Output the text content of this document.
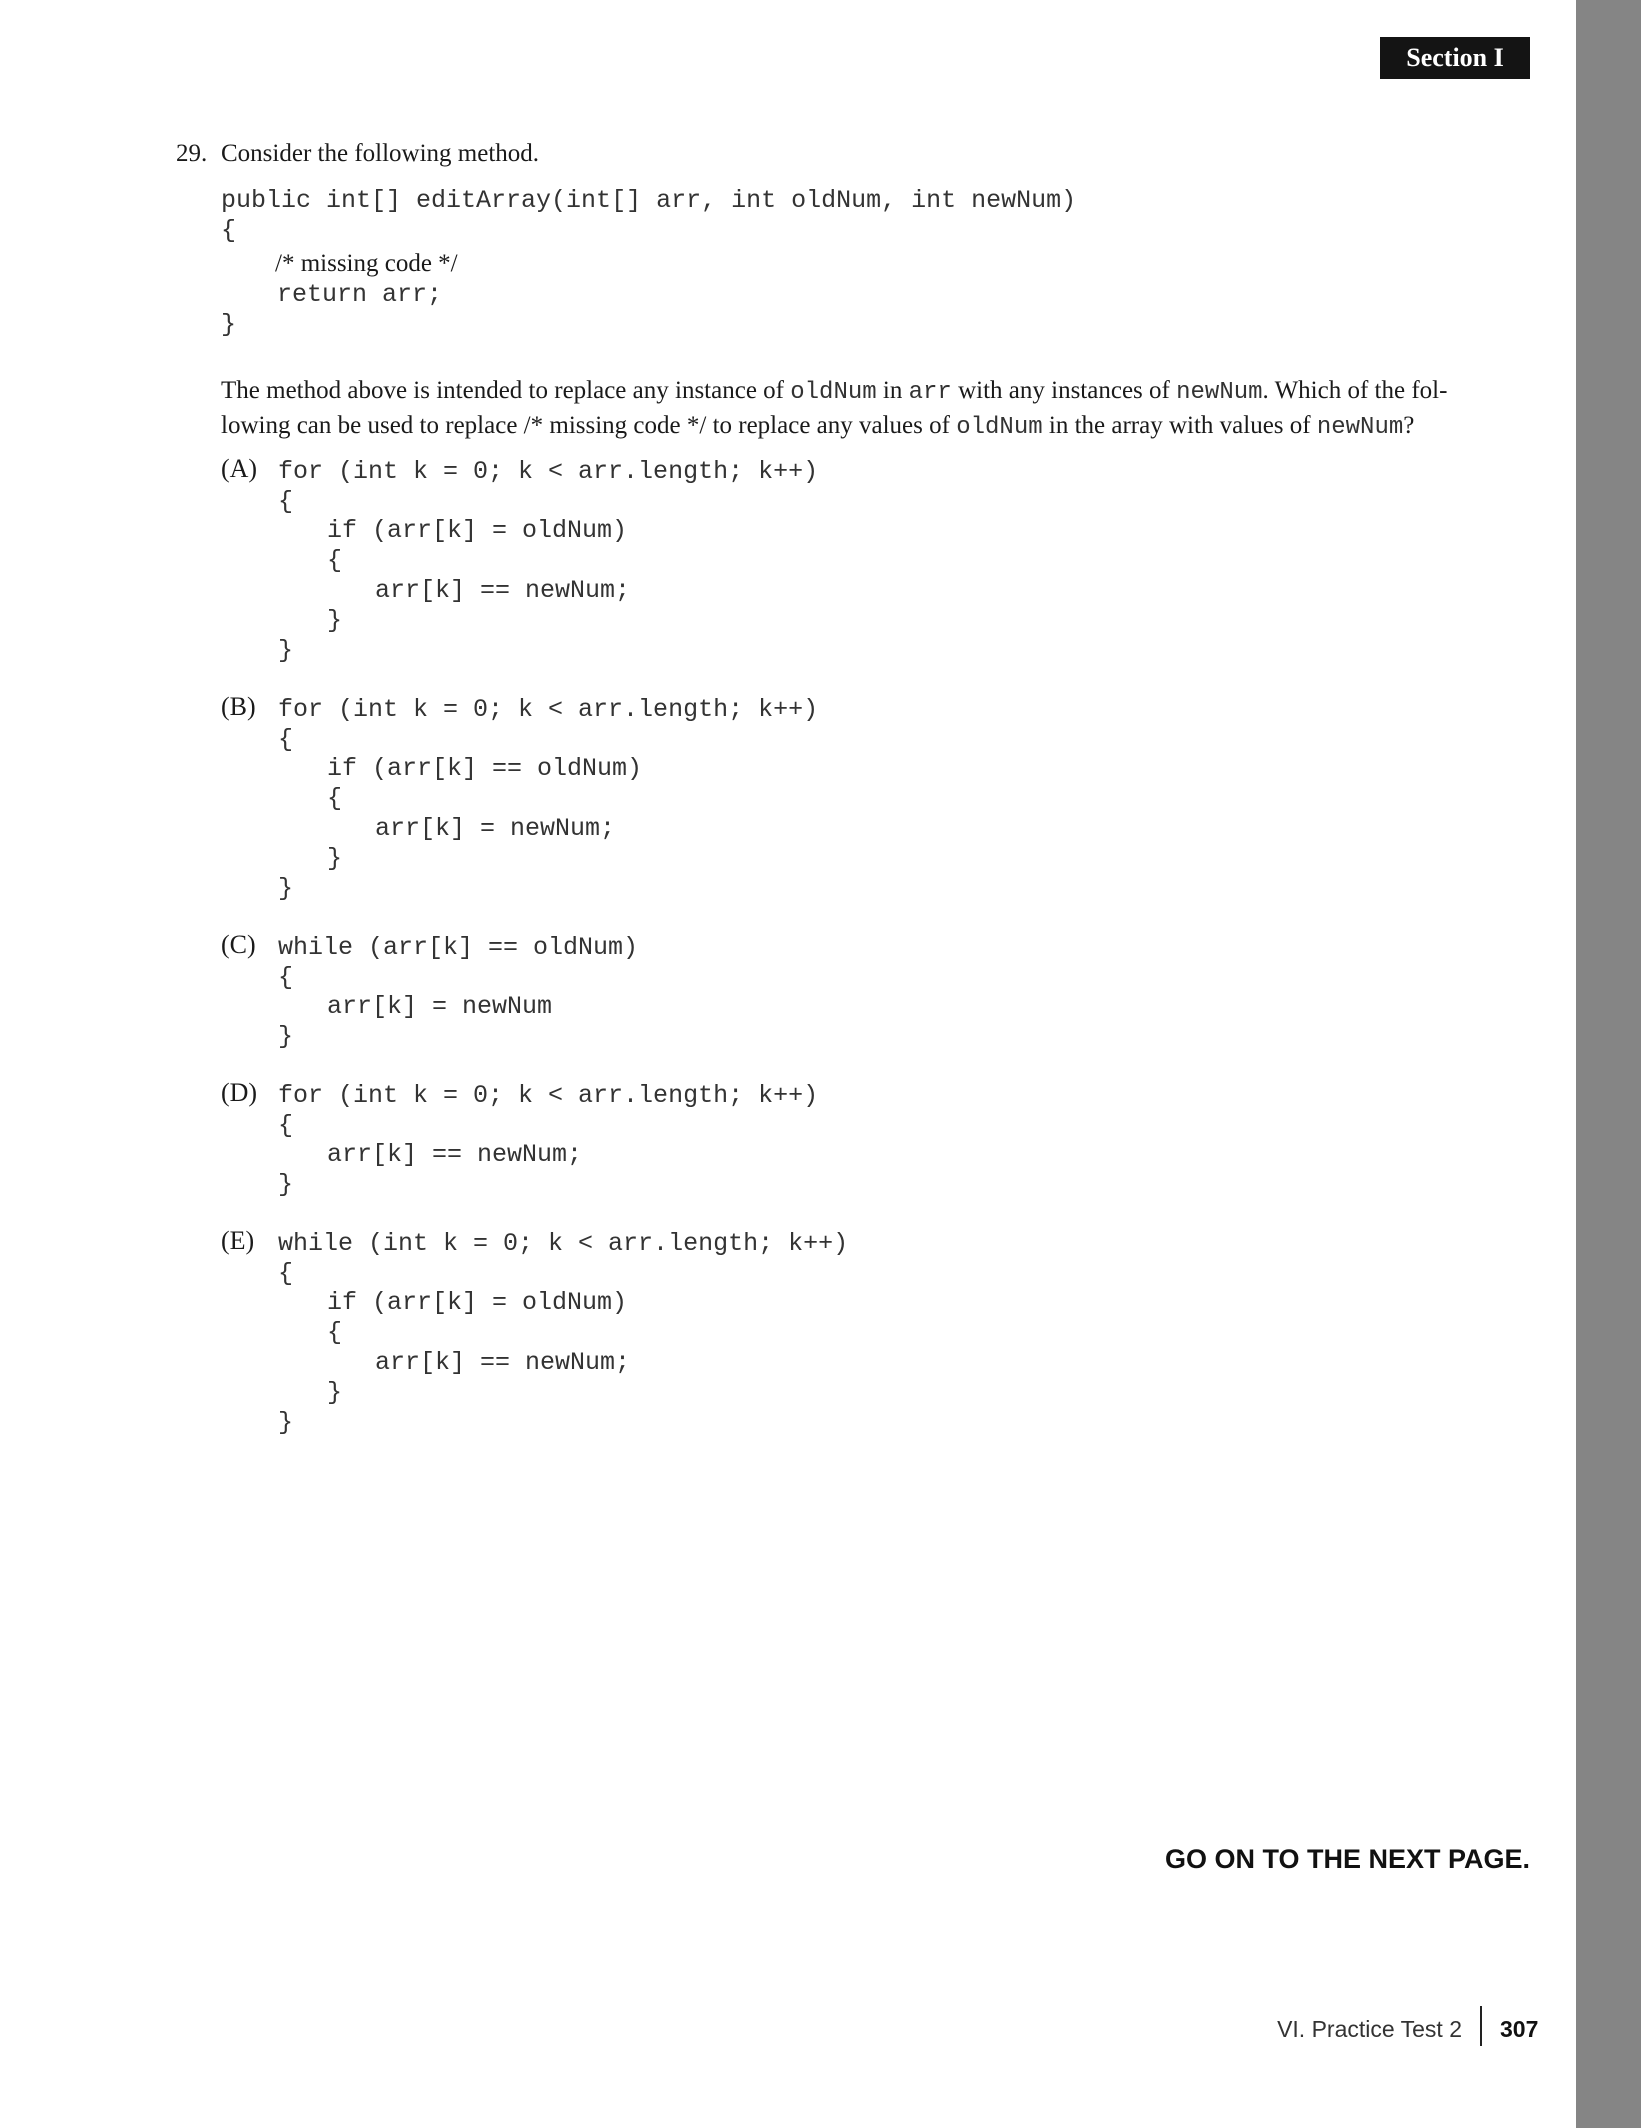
Section I
29. Consider the following method.
public int[] editArray(int[] arr, int oldNum, int newNum)
{
/* missing code */
return arr;
}
The method above is intended to replace any instance of oldNum in arr with any instances of newNum. Which of the fol-
lowing can be used to replace /* missing code */ to replace any values of oldNum in the array with values of newNum?
(A) for (int k = 0; k < arr.length; k++)
{
if (arr[k] = oldNum)
{
arr[k] == newNum;
}
}
(B) for (int k = 0; k < arr.length; k++)
{
if (arr[k] == oldNum)
{
arr[k] = newNum;
}
}
(C) while (arr[k] == oldNum)
{
arr[k] = newNum
}
(D) for (int k = 0; k < arr.length; k++)
{
arr[k] == newNum;
}
(E) while (int k = 0; k < arr.length; k++)
{
if (arr[k] = oldNum)
{
arr[k] == newNum;
}
}
GO ON TO THE NEXT PAGE.
VI. Practice Test 2 307
